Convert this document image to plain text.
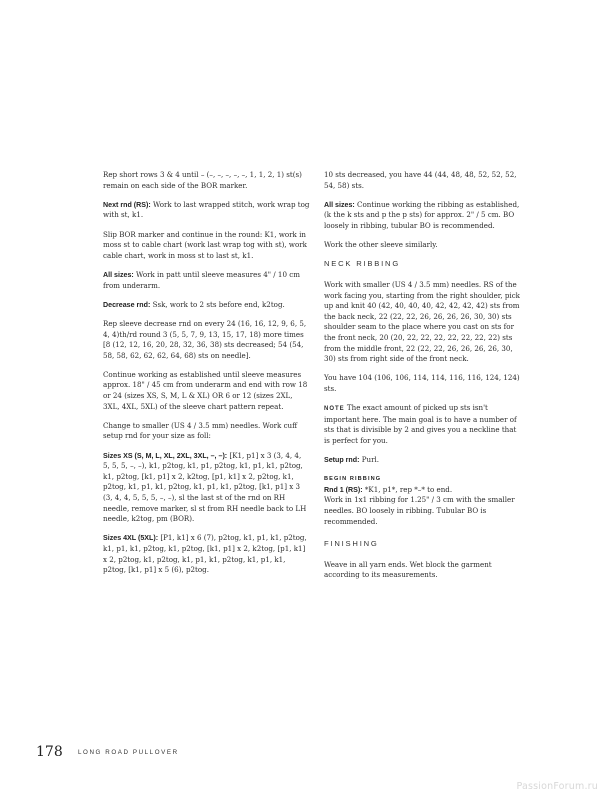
Rep short rows 3 & 4 until – (–, –, –, –, –, 1, 1, 2, 1) st(s) remain on each side of the BOR marker.

Next rnd (RS): Work to last wrapped stitch, work wrap tog with st, k1.

Slip BOR marker and continue in the round: K1, work in moss st to cable chart (work last wrap tog with st), work cable chart, work in moss st to last st, k1.

All sizes: Work in patt until sleeve measures 4" / 10 cm from underarm.

Decrease rnd: Ssk, work to 2 sts before end, k2tog.

Rep sleeve decrease rnd on every 24 (16, 16, 12, 9, 6, 5, 4, 4)th/rd round 3 (5, 5, 7, 9, 13, 15, 17, 18) more times [8 (12, 12, 16, 20, 28, 32, 36, 38) sts decreased; 54 (54, 58, 58, 62, 62, 62, 64, 68) sts on needle].

Continue working as established until sleeve measures approx. 18" / 45 cm from underarm and end with row 18 or 24 (sizes XS, S, M, L & XL) OR 6 or 12 (sizes 2XL, 3XL, 4XL, 5XL) of the sleeve chart pattern repeat.

Change to smaller (US 4 / 3.5 mm) needles. Work cuff setup rnd for your size as foll:

Sizes XS (S, M, L, XL, 2XL, 3XL, –, –): [K1, p1] x 3 (3, 4, 4, 5, 5, 5, –, –), k1, p2tog, k1, p1, p2tog, k1, p1, k1, p2tog, k1, p2tog, [k1, p1] x 2, k2tog, [p1, k1] x 2, p2tog, k1, p2tog, k1, p1, k1, p2tog, k1, p1, k1, p2tog, [k1, p1] x 3 (3, 4, 4, 5, 5, 5, –, –), sl the last st of the rnd on RH needle, remove marker, sl st from RH needle back to LH needle, k2tog, pm (BOR).

Sizes 4XL (5XL): [P1, k1] x 6 (7), p2tog, k1, p1, k1, p2tog, k1, p1, k1, p2tog, k1, p2tog, [k1, p1] x 2, k2tog, [p1, k1] x 2, p2tog, k1, p2tog, k1, p1, k1, p2tog, k1, p1, k1, p2tog, [k1, p1] x 5 (6), p2tog.

10 sts decreased, you have 44 (44, 48, 48, 52, 52, 52, 54, 58) sts.

All sizes: Continue working the ribbing as established, (k the k sts and p the p sts) for approx. 2" / 5 cm. BO loosely in ribbing, tubular BO is recommended.

Work the other sleeve similarly.

NECK RIBBING

Work with smaller (US 4 / 3.5 mm) needles. RS of the work facing you, starting from the right shoulder, pick up and knit 40 (42, 40, 40, 40, 42, 42, 42, 42) sts from the back neck, 22 (22, 22, 26, 26, 26, 26, 30, 30) sts shoulder seam to the place where you cast on sts for the front neck, 20 (20, 22, 22, 22, 22, 22, 22, 22) sts from the middle front, 22 (22, 22, 26, 26, 26, 26, 30, 30) sts from right side of the front neck.

You have 104 (106, 106, 114, 114, 116, 116, 124, 124) sts.

NOTE The exact amount of picked up sts isn't important here. The main goal is to have a number of sts that is divisible by 2 and gives you a neckline that is perfect for you.

Setup rnd: Purl.

BEGIN RIBBING
Rnd 1 (RS): *K1, p1*, rep *–* to end.
Work in 1x1 ribbing for 1.25" / 3 cm with the smaller needles. BO loosely in ribbing. Tubular BO is recommended.

FINISHING

Weave in all yarn ends. Wet block the garment according to its measurements.

178 LONG ROAD PULLOVER
PassionForum.ru
